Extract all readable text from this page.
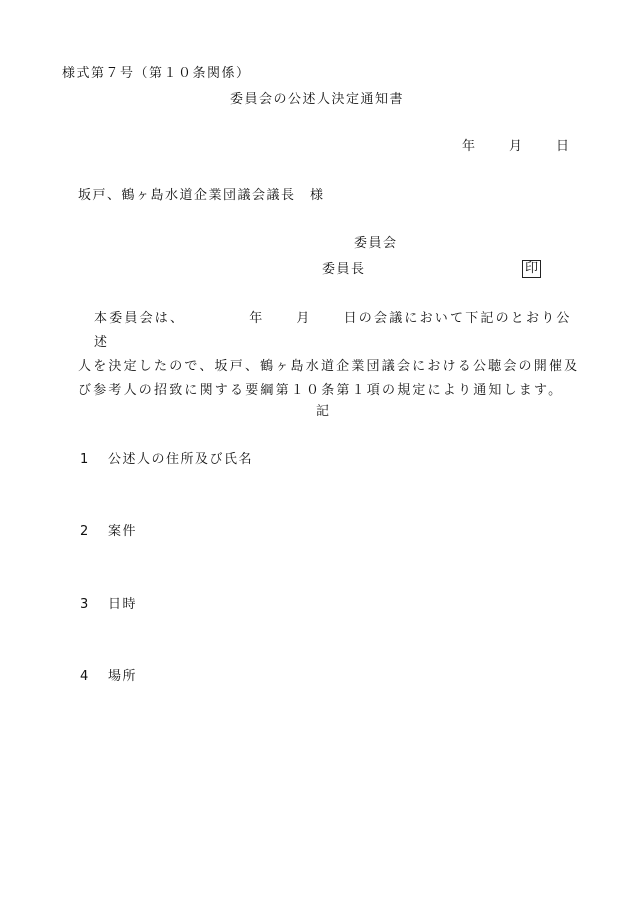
様式第７号（第１０条関係）
委員会の公述人決定通知書
年	月	日
坂戸、鶴ヶ島水道企業団議会議長　様
委員会
委員長	印
本委員会は、	年 月 日の会議において下記のとおり公述
人を決定したので、坂戸、鶴ヶ島水道企業団議会における公聴会の開催及
び参考人の招致に関する要綱第１０条第１項の規定により通知します。
記
1 公述人の住所及び氏名
2 案件
3 日時
4 場所
